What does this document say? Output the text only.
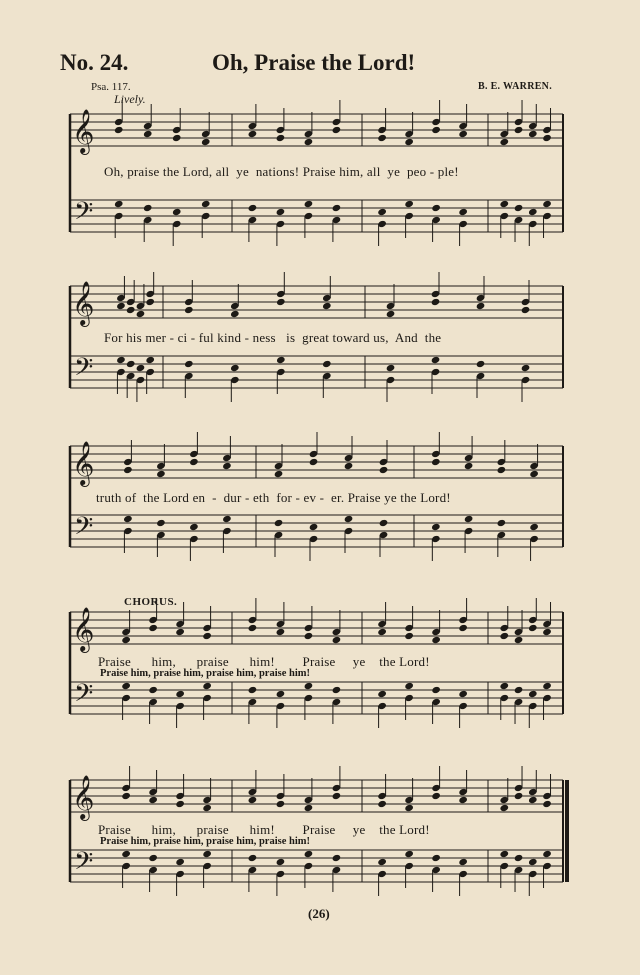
No. 24.	Oh, Praise the Lord!
Psa. 117.	B. E. WARREN.
Lively.
𝄞
𝄢
𝄞
𝄢
𝄞
𝄢
𝄞
𝄢
𝄞
𝄢
Oh, praise the Lord, all  ye  nations! Praise him, all  ye  peo - ple!
For his mer - ci - ful kind - ness   is  great toward us,  And  the
truth of  the Lord en  -  dur - eth  for - ev -  er. Praise ye the Lord!
CHORUS.
Praise      him,      praise      him!        Praise     ye    the Lord!
Praise him, praise him, praise him, praise him!
Praise      him,      praise      him!        Praise     ye    the Lord!
Praise him, praise him, praise him, praise him!
(26)
